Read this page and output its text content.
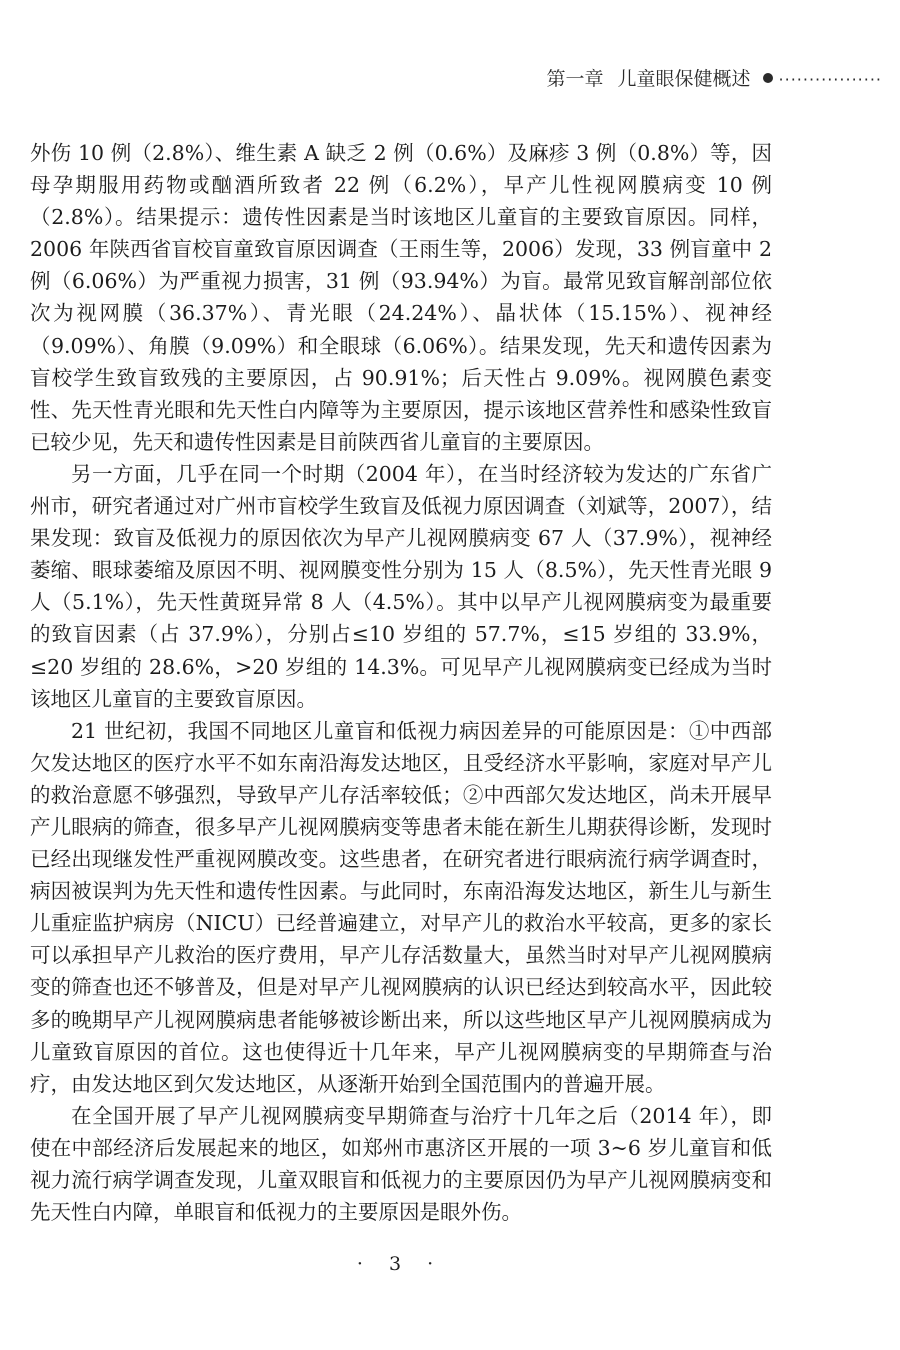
第一章 儿童眼保健概述 ·················

外伤 10 例（2.8%）、维生素 A 缺乏 2 例（0.6%）及麻疹 3 例（0.8%）等，因母孕期服用药物或酗酒所致者 22 例（6.2%），早产儿性视网膜病变 10 例（2.8%）。结果提示：遗传性因素是当时该地区儿童盲的主要致盲原因。同样，2006 年陕西省盲校盲童致盲原因调查（王雨生等，2006）发现，33 例盲童中 2 例（6.06%）为严重视力损害，31 例（93.94%）为盲。最常见致盲解剖部位依次为视网膜（36.37%）、青光眼（24.24%）、晶状体（15.15%）、视神经（9.09%）、角膜（9.09%）和全眼球（6.06%）。结果发现，先天和遗传因素为盲校学生致盲致残的主要原因，占 90.91%；后天性占 9.09%。视网膜色素变性、先天性青光眼和先天性白内障等为主要原因，提示该地区营养性和感染性致盲已较少见，先天和遗传性因素是目前陕西省儿童盲的主要原因。

另一方面，几乎在同一个时期（2004 年），在当时经济较为发达的广东省广州市，研究者通过对广州市盲校学生致盲及低视力原因调查（刘斌等，2007），结果发现：致盲及低视力的原因依次为早产儿视网膜病变 67 人（37.9%），视神经萎缩、眼球萎缩及原因不明、视网膜变性分别为 15 人（8.5%），先天性青光眼 9 人（5.1%），先天性黄斑异常 8 人（4.5%）。其中以早产儿视网膜病变为最重要的致盲因素（占 37.9%），分别占≤10 岁组的 57.7%，≤15 岁组的 33.9%，≤20 岁组的 28.6%，>20 岁组的 14.3%。可见早产儿视网膜病变已经成为当时该地区儿童盲的主要致盲原因。

21 世纪初，我国不同地区儿童盲和低视力病因差异的可能原因是：①中西部欠发达地区的医疗水平不如东南沿海发达地区，且受经济水平影响，家庭对早产儿的救治意愿不够强烈，导致早产儿存活率较低；②中西部欠发达地区，尚未开展早产儿眼病的筛查，很多早产儿视网膜病变等患者未能在新生儿期获得诊断，发现时已经出现继发性严重视网膜改变。这些患者，在研究者进行眼病流行病学调查时，病因被误判为先天性和遗传性因素。与此同时，东南沿海发达地区，新生儿与新生儿重症监护病房（NICU）已经普遍建立，对早产儿的救治水平较高，更多的家长可以承担早产儿救治的医疗费用，早产儿存活数量大，虽然当时对早产儿视网膜病变的筛查也还不够普及，但是对早产儿视网膜病的认识已经达到较高水平，因此较多的晚期早产儿视网膜病患者能够被诊断出来，所以这些地区早产儿视网膜病成为儿童致盲原因的首位。这也使得近十几年来，早产儿视网膜病变的早期筛查与治疗，由发达地区到欠发达地区，从逐渐开始到全国范围内的普遍开展。

在全国开展了早产儿视网膜病变早期筛查与治疗十几年之后（2014 年），即使在中部经济后发展起来的地区，如郑州市惠济区开展的一项 3~6 岁儿童盲和低视力流行病学调查发现，儿童双眼盲和低视力的主要原因仍为早产儿视网膜病变和先天性白内障，单眼盲和低视力的主要原因是眼外伤。

· 3 ·
